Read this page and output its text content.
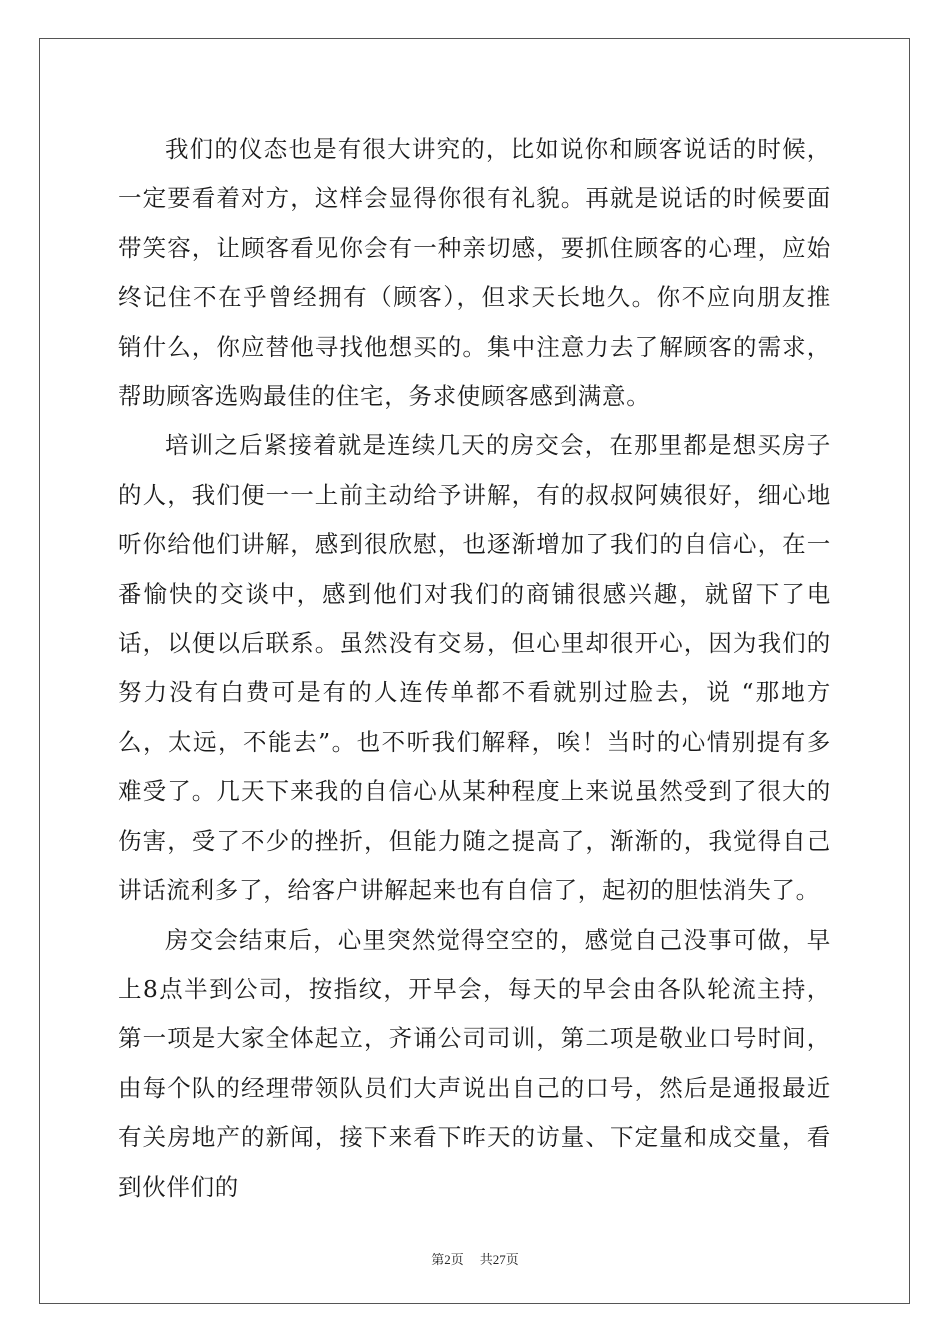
我们的仪态也是有很大讲究的，比如说你和顾客说话的时候，一定要看着对方，这样会显得你很有礼貌。再就是说话的时候要面带笑容，让顾客看见你会有一种亲切感，要抓住顾客的心理，应始终记住不在乎曾经拥有（顾客），但求天长地久。你不应向朋友推销什么，你应替他寻找他想买的。集中注意力去了解顾客的需求，帮助顾客选购最佳的住宅，务求使顾客感到满意。

培训之后紧接着就是连续几天的房交会，在那里都是想买房子的人，我们便一一上前主动给予讲解，有的叔叔阿姨很好，细心地听你给他们讲解，感到很欣慰，也逐渐增加了我们的自信心，在一番愉快的交谈中，感到他们对我们的商铺很感兴趣，就留下了电话，以便以后联系。虽然没有交易，但心里却很开心，因为我们的努力没有白费可是有的人连传单都不看就别过脸去，说 “那地方么，太远，不能去”。也不听我们解释，唉！当时的心情别提有多难受了。几天下来我的自信心从某种程度上来说虽然受到了很大的伤害，受了不少的挫折，但能力随之提高了，渐渐的，我觉得自己讲话流利多了，给客户讲解起来也有自信了，起初的胆怯消失了。

房交会结束后，心里突然觉得空空的，感觉自己没事可做，早上8点半到公司，按指纹，开早会，每天的早会由各队轮流主持，第一项是大家全体起立，齐诵公司司训，第二项是敬业口号时间，由每个队的经理带领队员们大声说出自己的口号，然后是通报最近有关房地产的新闻，接下来看下昨天的访量、下定量和成交量，看到伙伴们的

第2页 共27页
